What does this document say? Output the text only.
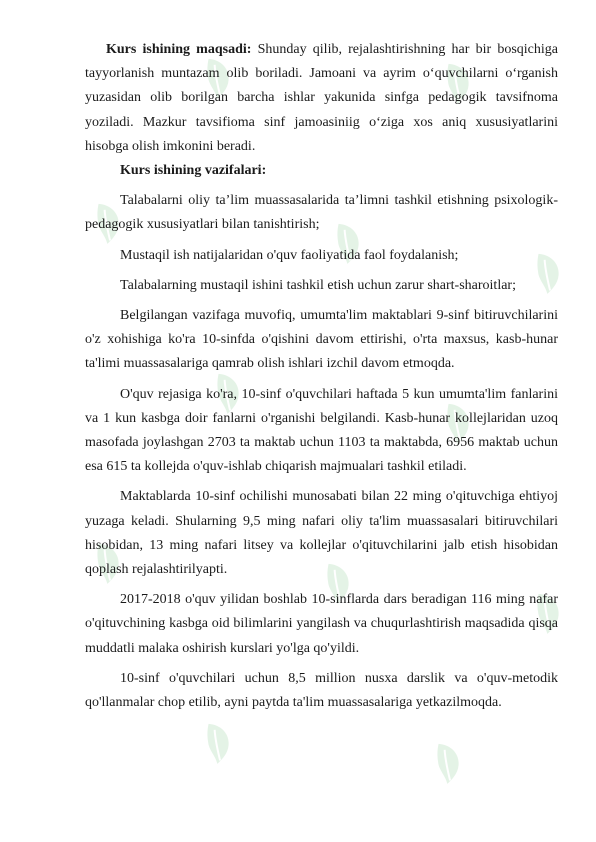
Kurs ishining maqsadi: Shunday qilib, rejalashtirishning har bir bosqichiga tayyorlanish muntazam olib boriladi. Jamoani va ayrim o‘quvchilarni o‘rganish yuzasidan olib borilgan barcha ishlar yakunida sinfga pedagogik tavsifnoma yoziladi. Mazkur tavsifioma sinf jamoasiniig o‘ziga xos aniq xususiyatlarini hisobga olish imkonini beradi.

Kurs ishining vazifalari:

Talabalarni oliy ta’lim muassasalarida ta’limni tashkil etishning psixologik-pedagogik xususiyatlari bilan tanishtirish;

Mustaqil ish natijalaridan o'quv faoliyatida faol foydalanish;

Talabalarning mustaqil ishini tashkil etish uchun zarur shart-sharoitlar;

Belgilangan vazifaga muvofiq, umumta'lim maktablari 9-sinf bitiruvchilarini o'z xohishiga ko'ra 10-sinfda o'qishini davom ettirishi, o'rta maxsus, kasb-hunar ta'limi muassasalariga qamrab olish ishlari izchil davom etmoqda.

O'quv rejasiga ko'ra, 10-sinf o'quvchilari haftada 5 kun umumta'lim fanlarini va 1 kun kasbga doir fanlarni o'rganishi belgilandi. Kasb-hunar kollejlaridan uzoq masofada joylashgan 2703 ta maktab uchun 1103 ta maktabda, 6956 maktab uchun esa 615 ta kollejda o'quv-ishlab chiqarish majmualari tashkil etiladi.

Maktablarda 10-sinf ochilishi munosabati bilan 22 ming o'qituvchiga ehtiyoj yuzaga keladi. Shularning 9,5 ming nafari oliy ta'lim muassasalari bitiruvchilari hisobidan, 13 ming nafari litsey va kollejlar o'qituvchilarini jalb etish hisobidan qoplash rejalashtirilyapti.

2017-2018 o'quv yilidan boshlab 10-sinflarda dars beradigan 116 ming nafar o'qituvchining kasbga oid bilimlarini yangilash va chuqurlashtirish maqsadida qisqa muddatli malaka oshirish kurslari yo'lga qo'yildi.

10-sinf o'quvchilari uchun 8,5 million nusxa darslik va o'quv-metodik qo'llanmalar chop etilib, ayni paytda ta'lim muassasalariga yetkazilmoqda.
